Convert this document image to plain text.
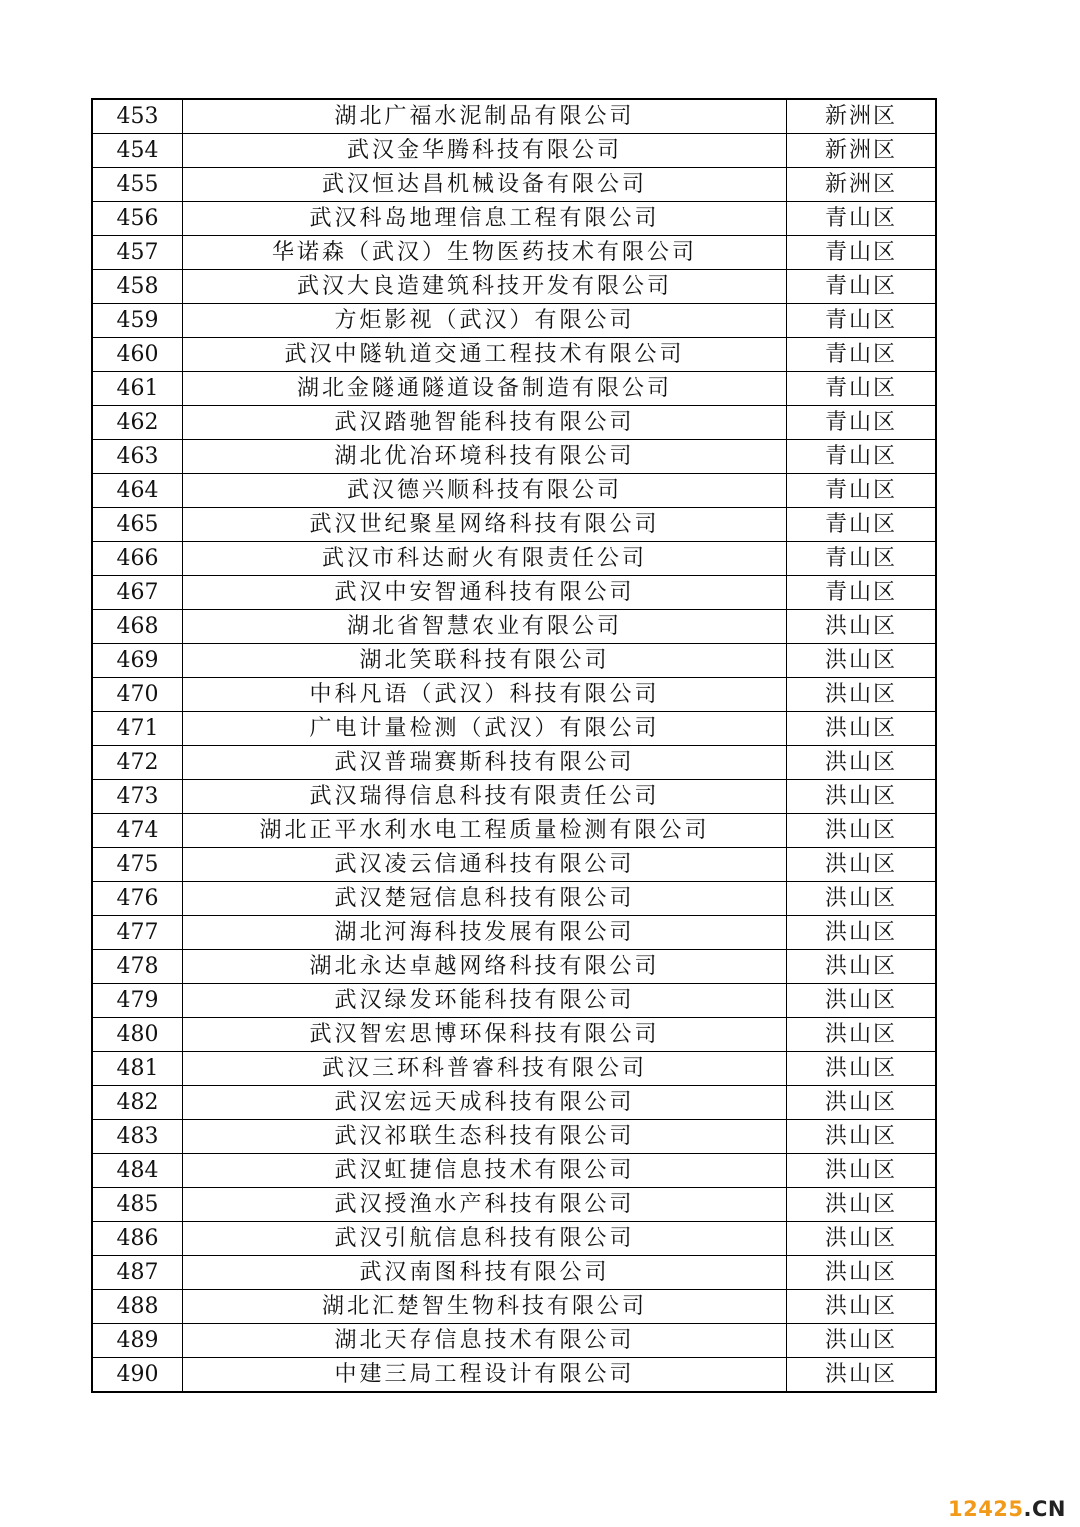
453	湖北广福水泥制品有限公司	新洲区
454	武汉金华腾科技有限公司	新洲区
455	武汉恒达昌机械设备有限公司	新洲区
456	武汉科岛地理信息工程有限公司	青山区
457	华诺森（武汉）生物医药技术有限公司	青山区
458	武汉大良造建筑科技开发有限公司	青山区
459	方炬影视（武汉）有限公司	青山区
460	武汉中隧轨道交通工程技术有限公司	青山区
461	湖北金隧通隧道设备制造有限公司	青山区
462	武汉踏驰智能科技有限公司	青山区
463	湖北优冶环境科技有限公司	青山区
464	武汉德兴顺科技有限公司	青山区
465	武汉世纪聚星网络科技有限公司	青山区
466	武汉市科达耐火有限责任公司	青山区
467	武汉中安智通科技有限公司	青山区
468	湖北省智慧农业有限公司	洪山区
469	湖北笑联科技有限公司	洪山区
470	中科凡语（武汉）科技有限公司	洪山区
471	广电计量检测（武汉）有限公司	洪山区
472	武汉普瑞赛斯科技有限公司	洪山区
473	武汉瑞得信息科技有限责任公司	洪山区
474	湖北正平水利水电工程质量检测有限公司	洪山区
475	武汉凌云信通科技有限公司	洪山区
476	武汉楚冠信息科技有限公司	洪山区
477	湖北河海科技发展有限公司	洪山区
478	湖北永达卓越网络科技有限公司	洪山区
479	武汉绿发环能科技有限公司	洪山区
480	武汉智宏思博环保科技有限公司	洪山区
481	武汉三环科普睿科技有限公司	洪山区
482	武汉宏远天成科技有限公司	洪山区
483	武汉祁联生态科技有限公司	洪山区
484	武汉虹捷信息技术有限公司	洪山区
485	武汉授渔水产科技有限公司	洪山区
486	武汉引航信息科技有限公司	洪山区
487	武汉南图科技有限公司	洪山区
488	湖北汇楚智生物科技有限公司	洪山区
489	湖北天存信息技术有限公司	洪山区
490	中建三局工程设计有限公司	洪山区
12425.CN
